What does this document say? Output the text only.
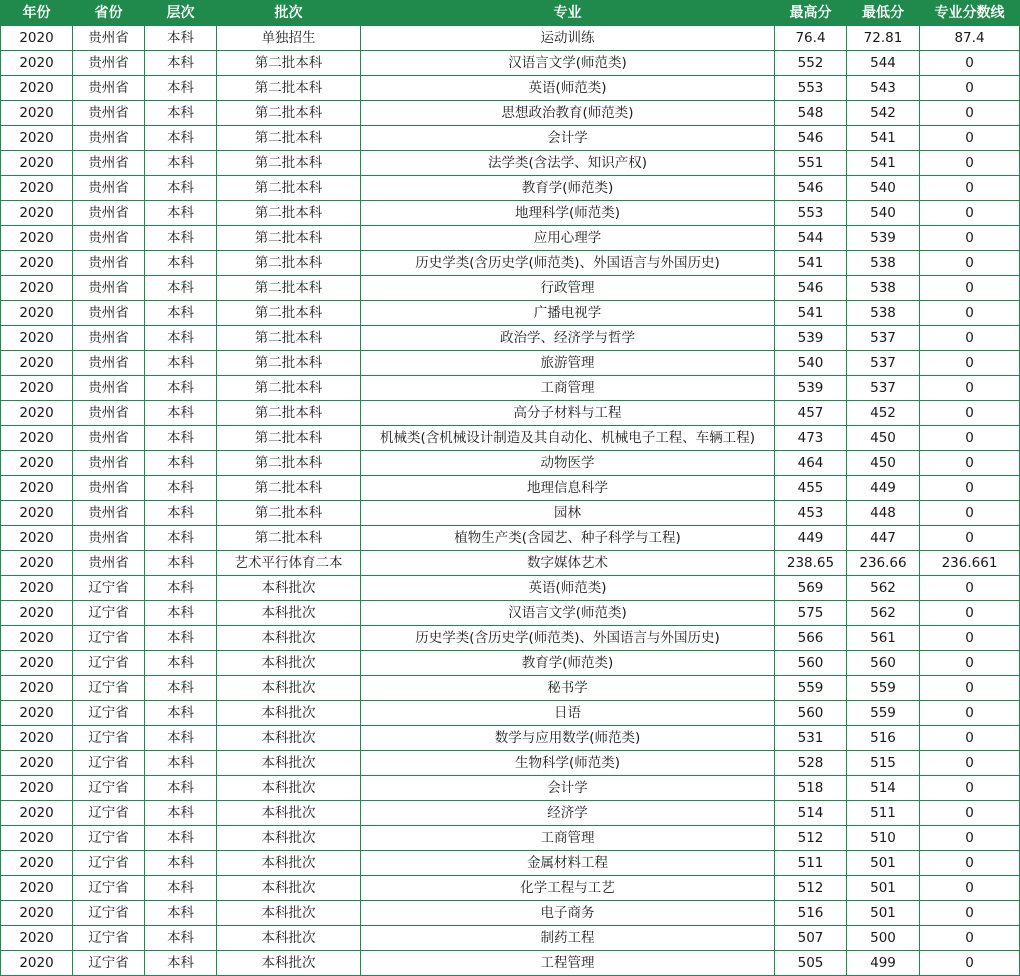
年份	省份	层次	批次	专业	最高分	最低分	专业分数线
2020	贵州省	本科	单独招生	运动训练	76.4	72.81	87.4
2020	贵州省	本科	第二批本科	汉语言文学(师范类)	552	544	0
2020	贵州省	本科	第二批本科	英语(师范类)	553	543	0
2020	贵州省	本科	第二批本科	思想政治教育(师范类)	548	542	0
2020	贵州省	本科	第二批本科	会计学	546	541	0
2020	贵州省	本科	第二批本科	法学类(含法学、知识产权)	551	541	0
2020	贵州省	本科	第二批本科	教育学(师范类)	546	540	0
2020	贵州省	本科	第二批本科	地理科学(师范类)	553	540	0
2020	贵州省	本科	第二批本科	应用心理学	544	539	0
2020	贵州省	本科	第二批本科	历史学类(含历史学(师范类)、外国语言与外国历史)	541	538	0
2020	贵州省	本科	第二批本科	行政管理	546	538	0
2020	贵州省	本科	第二批本科	广播电视学	541	538	0
2020	贵州省	本科	第二批本科	政治学、经济学与哲学	539	537	0
2020	贵州省	本科	第二批本科	旅游管理	540	537	0
2020	贵州省	本科	第二批本科	工商管理	539	537	0
2020	贵州省	本科	第二批本科	高分子材料与工程	457	452	0
2020	贵州省	本科	第二批本科	机械类(含机械设计制造及其自动化、机械电子工程、车辆工程)	473	450	0
2020	贵州省	本科	第二批本科	动物医学	464	450	0
2020	贵州省	本科	第二批本科	地理信息科学	455	449	0
2020	贵州省	本科	第二批本科	园林	453	448	0
2020	贵州省	本科	第二批本科	植物生产类(含园艺、种子科学与工程)	449	447	0
2020	贵州省	本科	艺术平行体育二本	数字媒体艺术	238.65	236.66	236.661
2020	辽宁省	本科	本科批次	英语(师范类)	569	562	0
2020	辽宁省	本科	本科批次	汉语言文学(师范类)	575	562	0
2020	辽宁省	本科	本科批次	历史学类(含历史学(师范类)、外国语言与外国历史)	566	561	0
2020	辽宁省	本科	本科批次	教育学(师范类)	560	560	0
2020	辽宁省	本科	本科批次	秘书学	559	559	0
2020	辽宁省	本科	本科批次	日语	560	559	0
2020	辽宁省	本科	本科批次	数学与应用数学(师范类)	531	516	0
2020	辽宁省	本科	本科批次	生物科学(师范类)	528	515	0
2020	辽宁省	本科	本科批次	会计学	518	514	0
2020	辽宁省	本科	本科批次	经济学	514	511	0
2020	辽宁省	本科	本科批次	工商管理	512	510	0
2020	辽宁省	本科	本科批次	金属材料工程	511	501	0
2020	辽宁省	本科	本科批次	化学工程与工艺	512	501	0
2020	辽宁省	本科	本科批次	电子商务	516	501	0
2020	辽宁省	本科	本科批次	制药工程	507	500	0
2020	辽宁省	本科	本科批次	工程管理	505	499	0
